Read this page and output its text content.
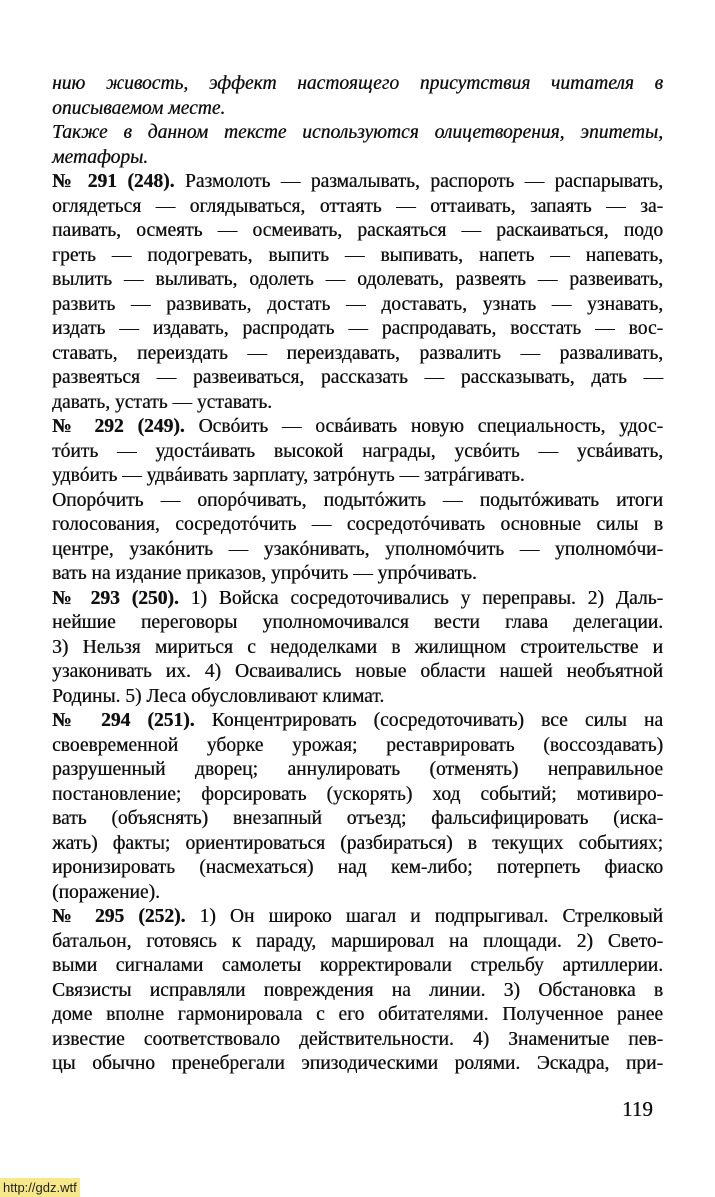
нию живость, эффект настоящего присутствия читателя в
описываемом месте.
Также в данном тексте используются олицетворения, эпитеты,
метафоры.
№ 291 (248). Размолоть — размалывать, распороть — распарывать,
оглядеться — оглядываться, оттаять — оттаивать, запаять — за-
паивать, осмеять — осмеивать, раскаяться — раскаиваться, подо
греть — подогревать, выпить — выпивать, напеть — напевать,
вылить — выливать, одолеть — одолевать, развеять — развеивать,
развить — развивать, достать — доставать, узнать — узнавать,
издать — издавать, распродать — распродавать, восстать — вос-
ставать, переиздать — переиздавать, развалить — разваливать,
развеяться — развеиваться, рассказать — рассказывать, дать —
давать, устать — уставать.
№ 292 (249). Освóить — освáивать новую специальность, удос-
тóить — удостáивать высокой награды, усвóить — усвáивать,
удвóить — удвáивать зарплату, затрóнуть — затрáгивать.
Опорóчить — опорóчивать, подытóжить — подытóживать итоги
голосования, сосредотóчить — сосредотóчивать основные силы в
центре, узакóнить — узакóнивать, уполномóчить — уполномóчи-
вать на издание приказов, упрóчить — упрóчивать.
№ 293 (250). 1) Войска сосредоточивались у переправы. 2) Даль-
нейшие переговоры уполномочивался вести глава делегации.
3) Нельзя мириться с недоделками в жилищном строительстве и
узаконивать их. 4) Осваивались новые области нашей необъятной
Родины. 5) Леса обусловливают климат.
№ 294 (251). Концентрировать (сосредоточивать) все силы на
своевременной уборке урожая; реставрировать (воссоздавать)
разрушенный дворец; аннулировать (отменять) неправильное
постановление; форсировать (ускорять) ход событий; мотивиро-
вать (объяснять) внезапный отъезд; фальсифицировать (иска-
жать) факты; ориентироваться (разбираться) в текущих событиях;
иронизировать (насмехаться) над кем-либо; потерпеть фиаско
(поражение).
№ 295 (252). 1) Он широко шагал и подпрыгивал. Стрелковый
батальон, готовясь к параду, маршировал на площади. 2) Свето-
выми сигналами самолеты корректировали стрельбу артиллерии.
Связисты исправляли повреждения на линии. 3) Обстановка в
доме вполне гармонировала с его обитателями. Полученное ранее
известие соответствовало действительности. 4) Знаменитые пев-
цы обычно пренебрегали эпизодическими ролями. Эскадра, при-
119
http://gdz.wtf
